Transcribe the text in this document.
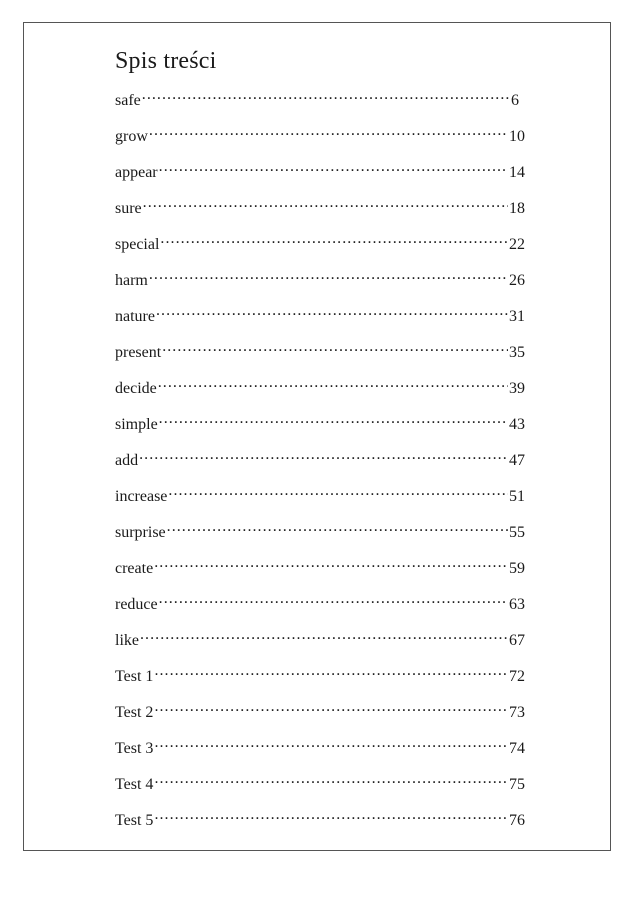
Spis treści
safe .....	6
grow .....	10
appear .....	14
sure .....	18
special .....	22
harm .....	26
nature .....	31
present .....	35
decide .....	39
simple .....	43
add .....	47
increase .....	51
surprise .....	55
create .....	59
reduce .....	63
like .....	67
Test 1 .....	72
Test 2 .....	73
Test 3 .....	74
Test 4 .....	75
Test 5 .....	76
